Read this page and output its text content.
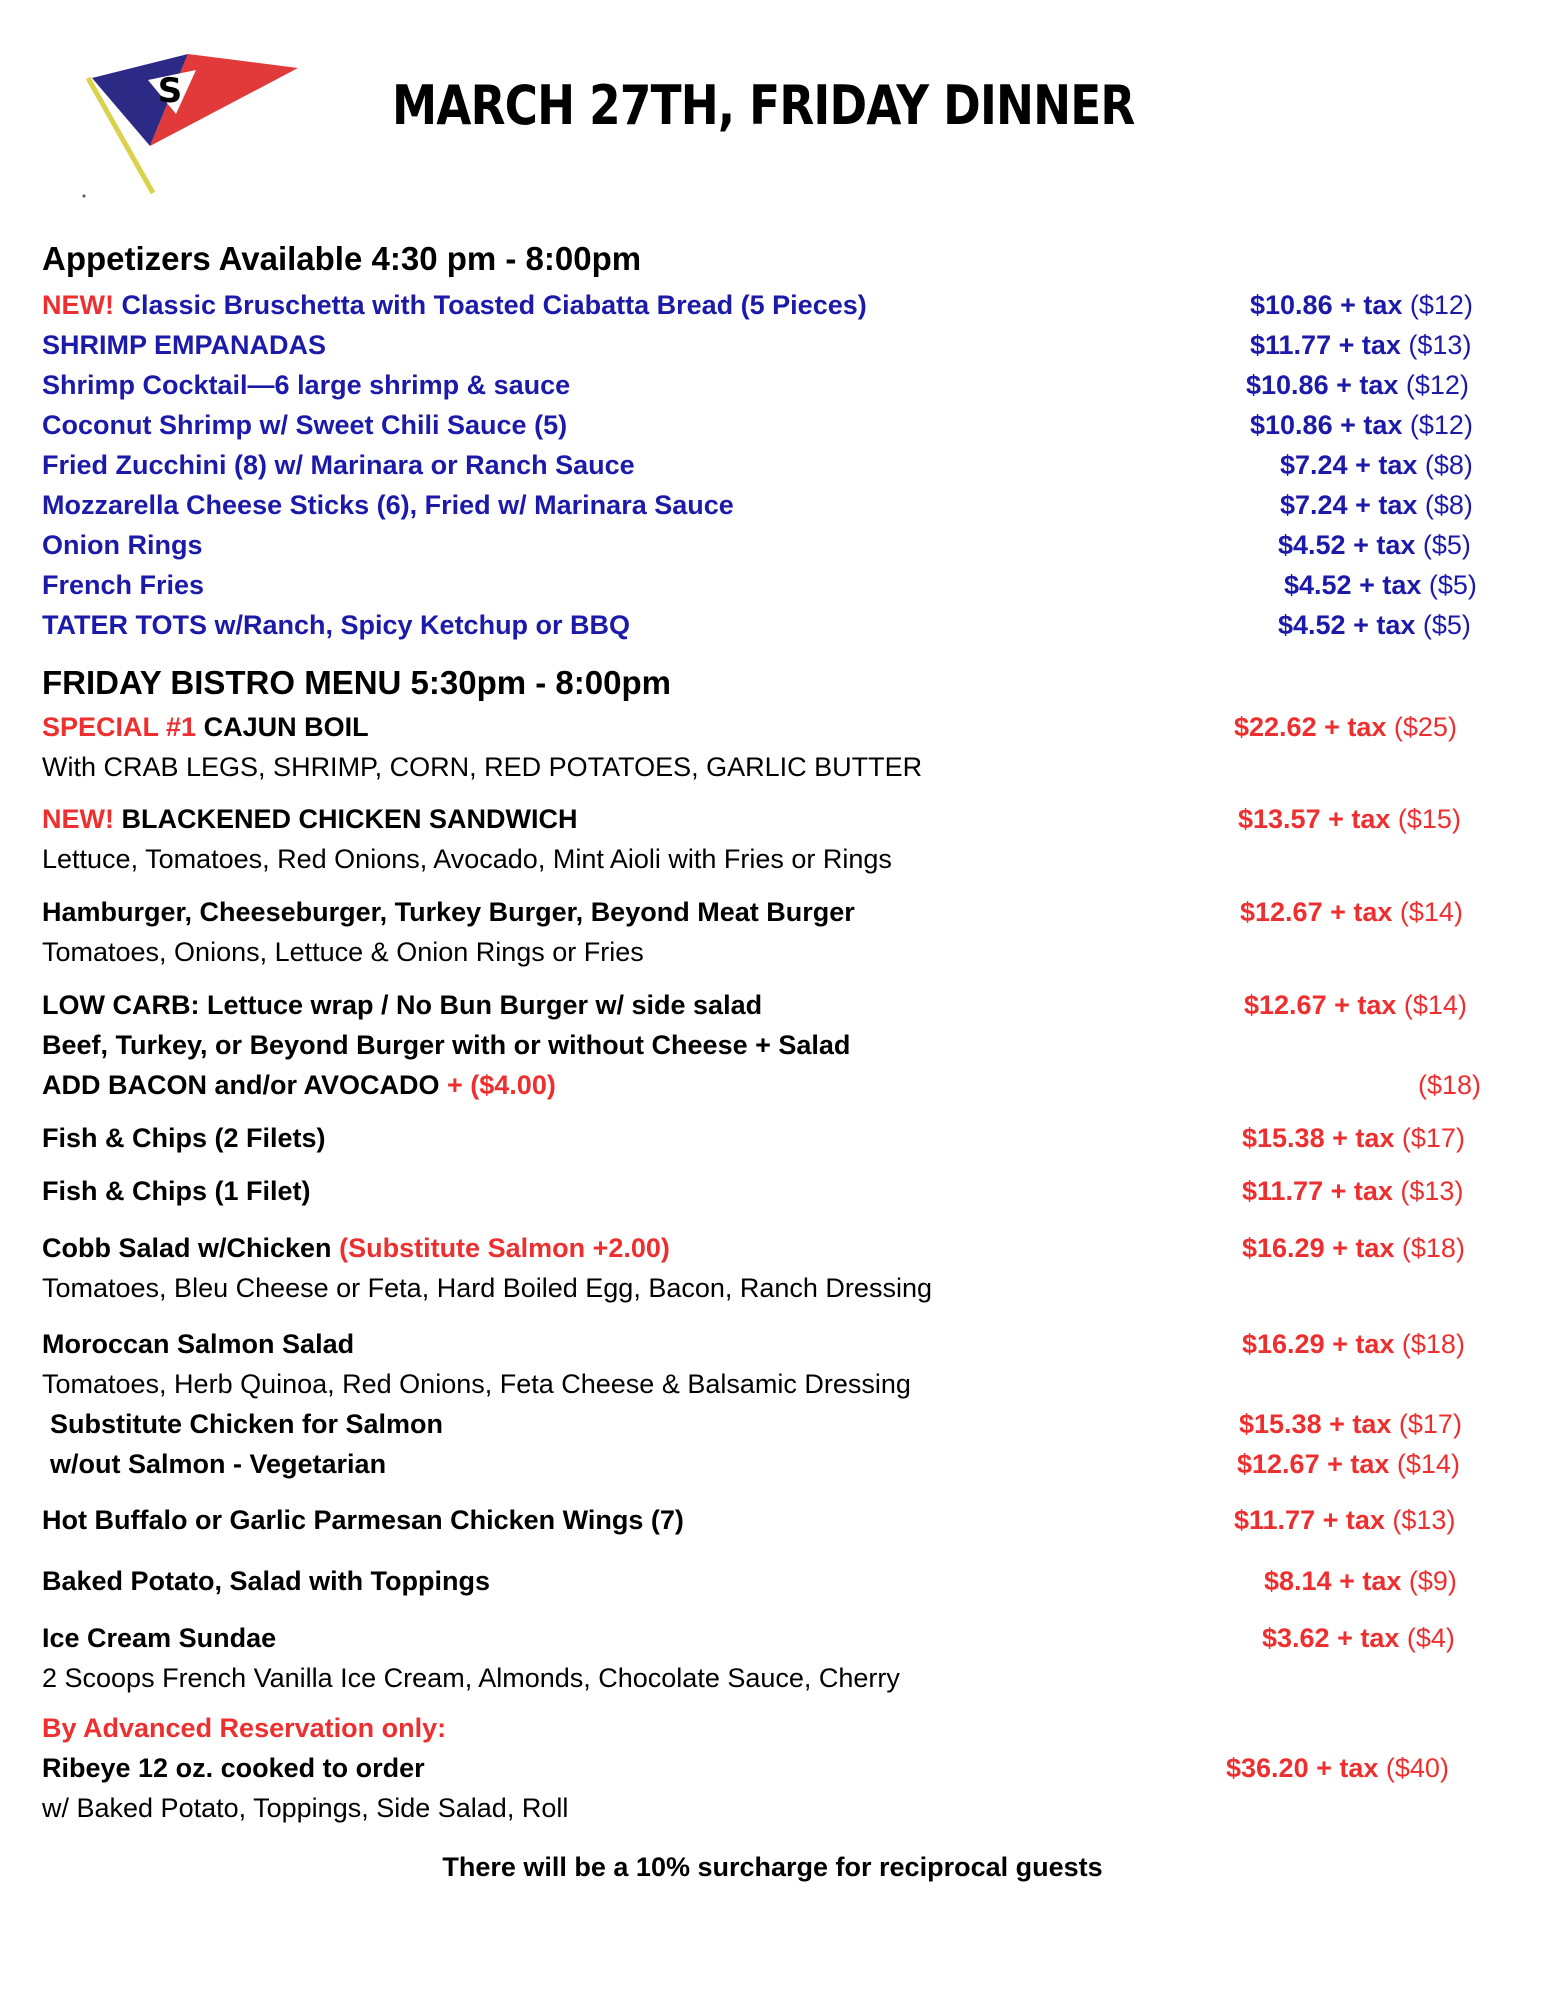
S	MARCH 27TH, FRIDAY DINNER
Appetizers Available 4:30 pm - 8:00pm
NEW! Classic Bruschetta with Toasted Ciabatta Bread (5 Pieces)	$10.86 + tax ($12)
SHRIMP EMPANADAS	$11.77 + tax ($13)
Shrimp Cocktail—6 large shrimp & sauce	$10.86 + tax ($12)
Coconut Shrimp w/ Sweet Chili Sauce (5)	$10.86 + tax ($12)
Fried Zucchini (8) w/ Marinara or Ranch Sauce	$7.24 + tax ($8)
Mozzarella Cheese Sticks (6), Fried w/ Marinara Sauce	$7.24 + tax ($8)
Onion Rings	$4.52 + tax ($5)
French Fries	$4.52 + tax ($5)
TATER TOTS w/Ranch, Spicy Ketchup or BBQ	$4.52 + tax ($5)
FRIDAY BISTRO MENU 5:30pm - 8:00pm
SPECIAL #1 CAJUN BOIL	$22.62 + tax ($25)
With CRAB LEGS, SHRIMP, CORN, RED POTATOES, GARLIC BUTTER
NEW! BLACKENED CHICKEN SANDWICH	$13.57 + tax ($15)
Lettuce, Tomatoes, Red Onions, Avocado, Mint Aioli with Fries or Rings
Hamburger, Cheeseburger, Turkey Burger, Beyond Meat Burger	$12.67 + tax ($14)
Tomatoes, Onions, Lettuce & Onion Rings or Fries
LOW CARB: Lettuce wrap / No Bun Burger w/ side salad	$12.67 + tax ($14)
Beef, Turkey, or Beyond Burger with or without Cheese + Salad
ADD BACON and/or AVOCADO + ($4.00)	($18)
Fish & Chips (2 Filets)	$15.38 + tax ($17)
Fish & Chips (1 Filet)	$11.77 + tax ($13)
Cobb Salad w/Chicken (Substitute Salmon +2.00)	$16.29 + tax ($18)
Tomatoes, Bleu Cheese or Feta, Hard Boiled Egg, Bacon, Ranch Dressing
Moroccan Salmon Salad	$16.29 + tax ($18)
Tomatoes, Herb Quinoa, Red Onions, Feta Cheese & Balsamic Dressing
Substitute Chicken for Salmon	$15.38 + tax ($17)
w/out Salmon - Vegetarian	$12.67 + tax ($14)
Hot Buffalo or Garlic Parmesan Chicken Wings (7)	$11.77 + tax ($13)
Baked Potato, Salad with Toppings	$8.14 + tax ($9)
Ice Cream Sundae	$3.62 + tax ($4)
2 Scoops French Vanilla Ice Cream, Almonds, Chocolate Sauce, Cherry
By Advanced Reservation only:
Ribeye 12 oz. cooked to order	$36.20 + tax ($40)
w/ Baked Potato, Toppings, Side Salad, Roll
There will be a 10% surcharge for reciprocal guests
